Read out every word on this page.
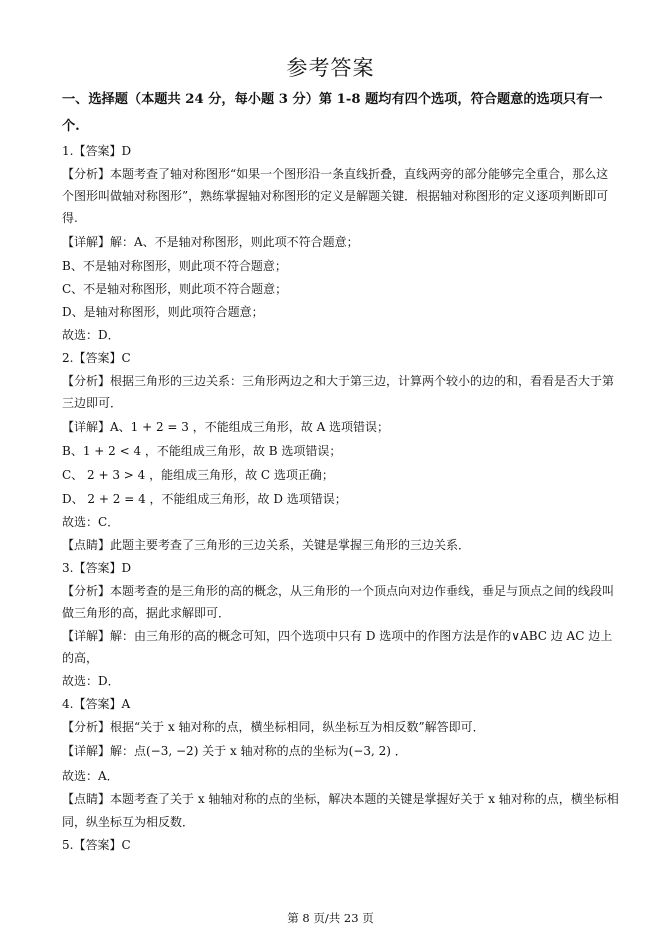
参考答案
一、选择题（本题共 24 分，每小题 3 分）第 1-8 题均有四个选项，符合题意的选项只有一
个.
1.【答案】D
【分析】本题考查了轴对称图形“如果一个图形沿一条直线折叠，直线两旁的部分能够完全重合，那么这
个图形叫做轴对称图形”，熟练掌握轴对称图形的定义是解题关键．根据轴对称图形的定义逐项判断即可
得.
【详解】解：A、不是轴对称图形，则此项不符合题意；
B、不是轴对称图形，则此项不符合题意；
C、不是轴对称图形，则此项不符合题意；
D、是轴对称图形，则此项符合题意；
故选：D．
2.【答案】C
【分析】根据三角形的三边关系：三角形两边之和大于第三边，计算两个较小的边的和，看看是否大于第
三边即可．
【详解】A、1 + 2 = 3 ，不能组成三角形，故 A 选项错误；
B、1 + 2 < 4 ，不能组成三角形，故 B 选项错误；
C、 2 + 3 > 4 ，能组成三角形，故 C 选项正确；
D、 2 + 2 = 4 ，不能组成三角形，故 D 选项错误；
故选：C．
【点睛】此题主要考查了三角形的三边关系，关键是掌握三角形的三边关系．
3.【答案】D
【分析】本题考查的是三角形的高的概念，从三角形的一个顶点向对边作垂线，垂足与顶点之间的线段叫
做三角形的高，据此求解即可．
【详解】解：由三角形的高的概念可知，四个选项中只有 D 选项中的作图方法是作的∨ABC 边 AC 边上
的高，
故选：D．
4.【答案】A
【分析】根据“关于 x 轴对称的点，横坐标相同，纵坐标互为相反数”解答即可．
【详解】解：点(−3, −2) 关于 x 轴对称的点的坐标为(−3, 2) ．
故选：A．
【点睛】本题考查了关于 x 轴轴对称的点的坐标，解决本题的关键是掌握好关于 x 轴对称的点，横坐标相
同，纵坐标互为相反数．
5.【答案】C
第 8 页/共 23 页
